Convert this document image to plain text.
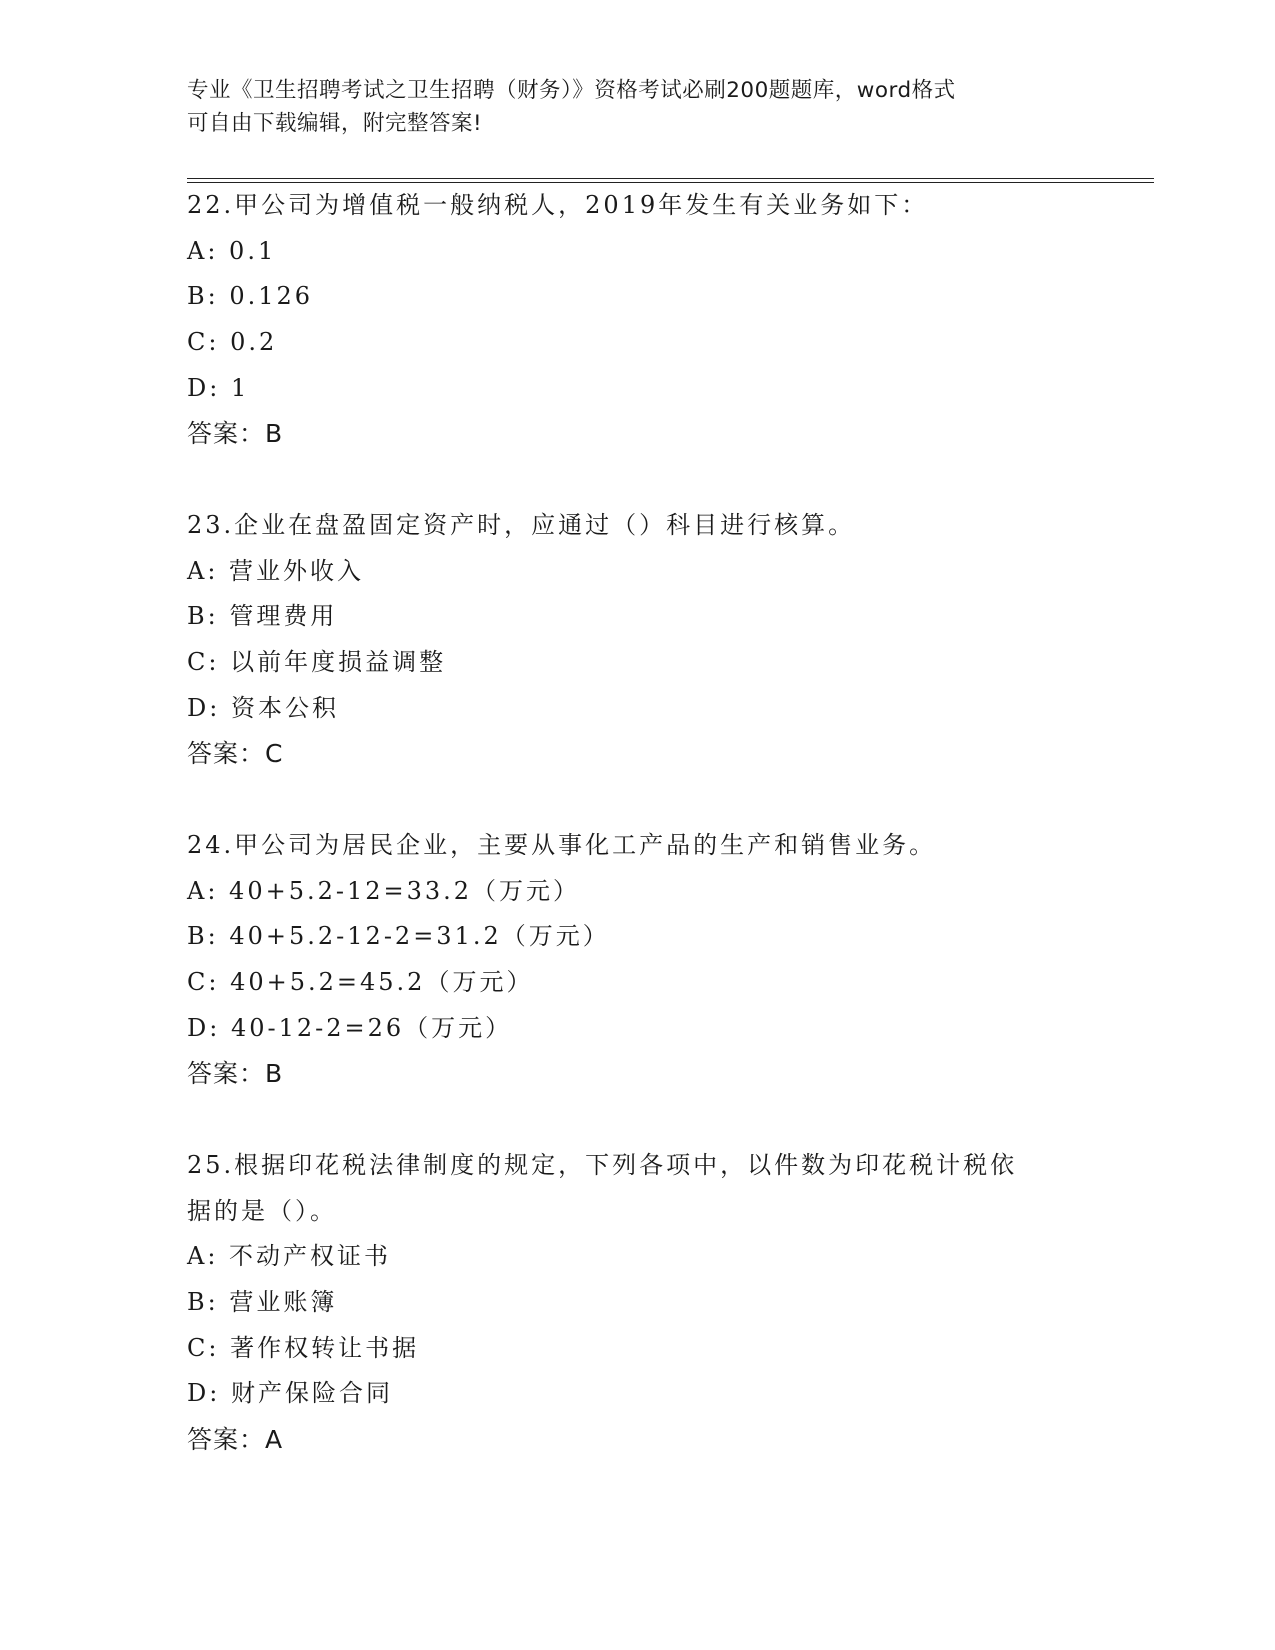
专业《卫生招聘考试之卫生招聘（财务）》资格考试必刷200题题库，word格式
可自由下载编辑，附完整答案!
22.甲公司为增值税一般纳税人，2019年发生有关业务如下：
A: 0.1
B: 0.126
C: 0.2
D: 1
答案：B
23.企业在盘盈固定资产时，应通过（）科目进行核算。
A: 营业外收入
B: 管理费用
C: 以前年度损益调整
D: 资本公积
答案：C
24.甲公司为居民企业，主要从事化工产品的生产和销售业务。
A: 40+5.2-12=33.2（万元）
B: 40+5.2-12-2=31.2（万元）
C: 40+5.2=45.2（万元）
D: 40-12-2=26（万元）
答案：B
25.根据印花税法律制度的规定，下列各项中，以件数为印花税计税依
据的是（）。
A: 不动产权证书
B: 营业账簿
C: 著作权转让书据
D: 财产保险合同
答案：A
